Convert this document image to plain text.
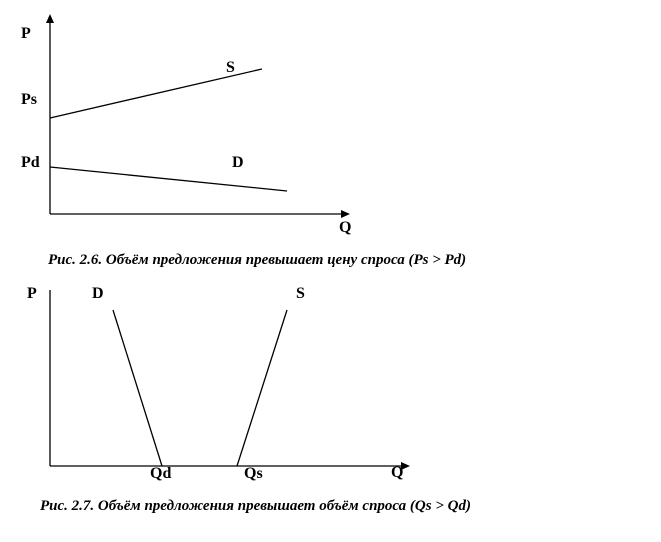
P
Q
S
D
Ps
Pd
Рис. 2.6. Объём предложения превышает цену спроса (Ps > Pd)
P
Q
D	S
Qd	Qs
Рис. 2.7. Объём предложения превышает объём спроса (Qs > Qd)
